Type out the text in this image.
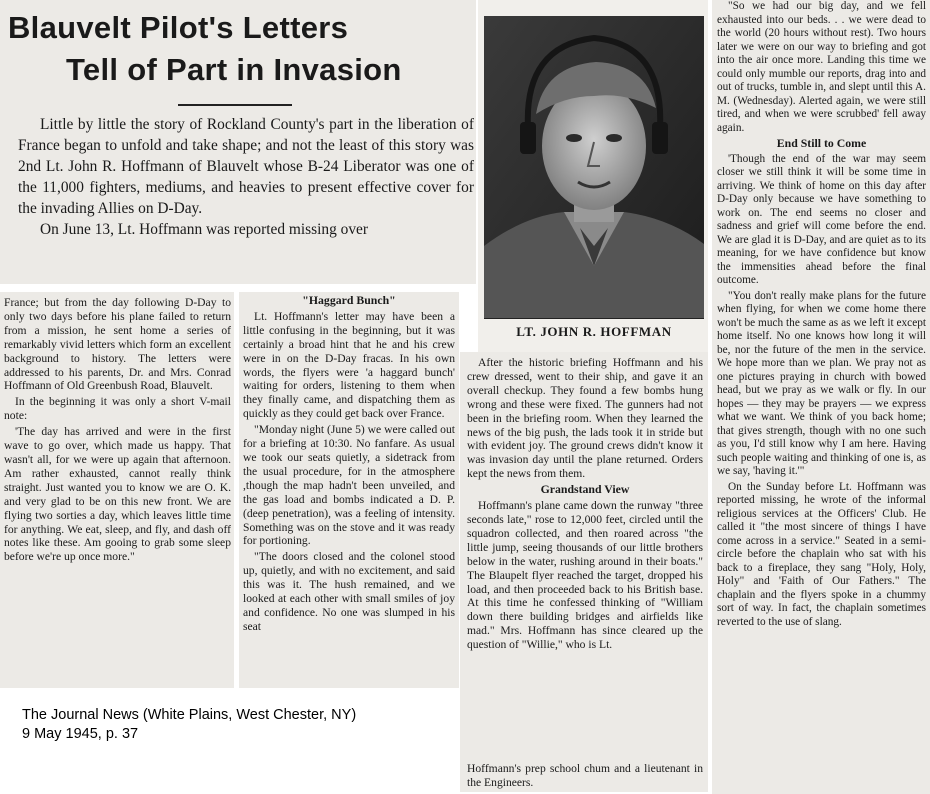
Blauvelt Pilot's Letters
Tell of Part in Invasion

Little by little the story of Rockland County's part in the liberation of France began to unfold and take shape; and not the least of this story was 2nd Lt. John R. Hoffmann of Blauvelt whose B-24 Liberator was one of the 11,000 fighters, mediums, and heavies to present effective cover for the invading Allies on D-Day.

On June 13, Lt. Hoffmann was reported missing over

France; but from the day following D-Day to only two days before his plane failed to return from a mission, he sent home a series of remarkably vivid letters which form an excellent background to history. The letters were addressed to his parents, Dr. and Mrs. Conrad Hoffmann of Old Greenbush Road, Blauvelt.

In the beginning it was only a short V-mail note:

'The day has arrived and were in the first wave to go over, which made us happy. That wasn't all, for we were up again that afternoon. Am rather exhausted, cannot really think straight. Just wanted you to know we are O. K. and very glad to be on this new front. We are flying two sorties a day, which leaves little time for anything. We eat, sleep, and fly, and dash off notes like these. Am gooing to grab some sleep before we're up once more."

"Haggard Bunch"

Lt. Hoffmann's letter may have been a little confusing in the beginning, but it was certainly a broad hint that he and his crew were in on the D-Day fracas. In his own words, the flyers were 'a haggard bunch' waiting for orders, listening to them when they finally came, and dispatching them as quickly as they could get back over France.

"Monday night (June 5) we were called out for a briefing at 10:30. No fanfare. As usual we took our seats quietly, a sidetrack from the usual procedure, for in the atmosphere ,though the map hadn't been unveiled, and the gas load and bombs indicated a D. P. (deep penetration), was a feeling of intensity. Something was on the stove and it was ready for portioning.

"The doors closed and the colonel stood up, quietly, and with no excitement, and said this was it. The hush remained, and we looked at each other with small smiles of joy and confidence. No one was slumped in his seat

LT. JOHN R. HOFFMAN

After the historic briefing Hoffmann and his crew dressed, went to their ship, and gave it an overall checkup. They found a few bombs hung wrong and these were fixed. The gunners had not been in the briefing room. When they learned the news of the big push, the lads took it in stride but with evident joy. The ground crews didn't know it was invasion day until the plane returned. Orders kept the news from them.

Grandstand View

Hoffmann's plane came down the runway "three seconds late," rose to 12,000 feet, circled until the squadron collected, and then roared across "the little jump, seeing thousands of our little brothers below in the water, rushing around in their boats." The Blaupelt flyer reached the target, dropped his load, and then proceeded back to his British base. At this time he confessed thinking of "William down there building bridges and airfields like mad." Mrs. Hoffmann has since cleared up the question of "Willie," who is Lt.

Hoffmann's prep school chum and a lieutenant in the Engineers.

"So we had our big day, and we fell exhausted into our beds. . . we were dead to the world (20 hours without rest). Two hours later we were on our way to briefing and got into the air once more. Landing this time we could only mumble our reports, drag into and out of trucks, tumble in, and slept until this A. M. (Wednesday). Alerted again, we were still tired, and when we were scrubbed' fell away again.

End Still to Come

'Though the end of the war may seem closer we still think it will be some time in arriving. We think of home on this day after D-Day only because we have something to work on. The end seems no closer and sadness and grief will come before the end. We are glad it is D-Day, and are quiet as to its meaning, for we have confidence but know the immensities ahead before the final outcome.

"You don't really make plans for the future when flying, for when we come home there won't be much the same as as we left it except home itself. No one knows how long it will be, nor the future of the men in the service. We hope more than we plan. We pray not as one pictures praying in church with bowed head, but we pray as we walk or fly. In our hopes — they may be prayers — we express what we want. We think of you back home; that gives strength, though with no one such as you, I'd still know why I am here. Having such people waiting and thinking of one is, as we say, 'having it.'"

On the Sunday before Lt. Hoffmann was reported missing, he wrote of the informal religious services at the Officers' Club. He called it "the most sincere of things I have come across in a service." Seated in a semi-circle before the chaplain who sat with his back to a fireplace, they sang "Holy, Holy, Holy" and 'Faith of Our Fathers." The chaplain and the flyers spoke in a chummy sort of way. In fact, the chaplain sometimes reverted to the use of slang.

The Journal News (White Plains, West Chester, NY)
9 May 1945, p. 37
